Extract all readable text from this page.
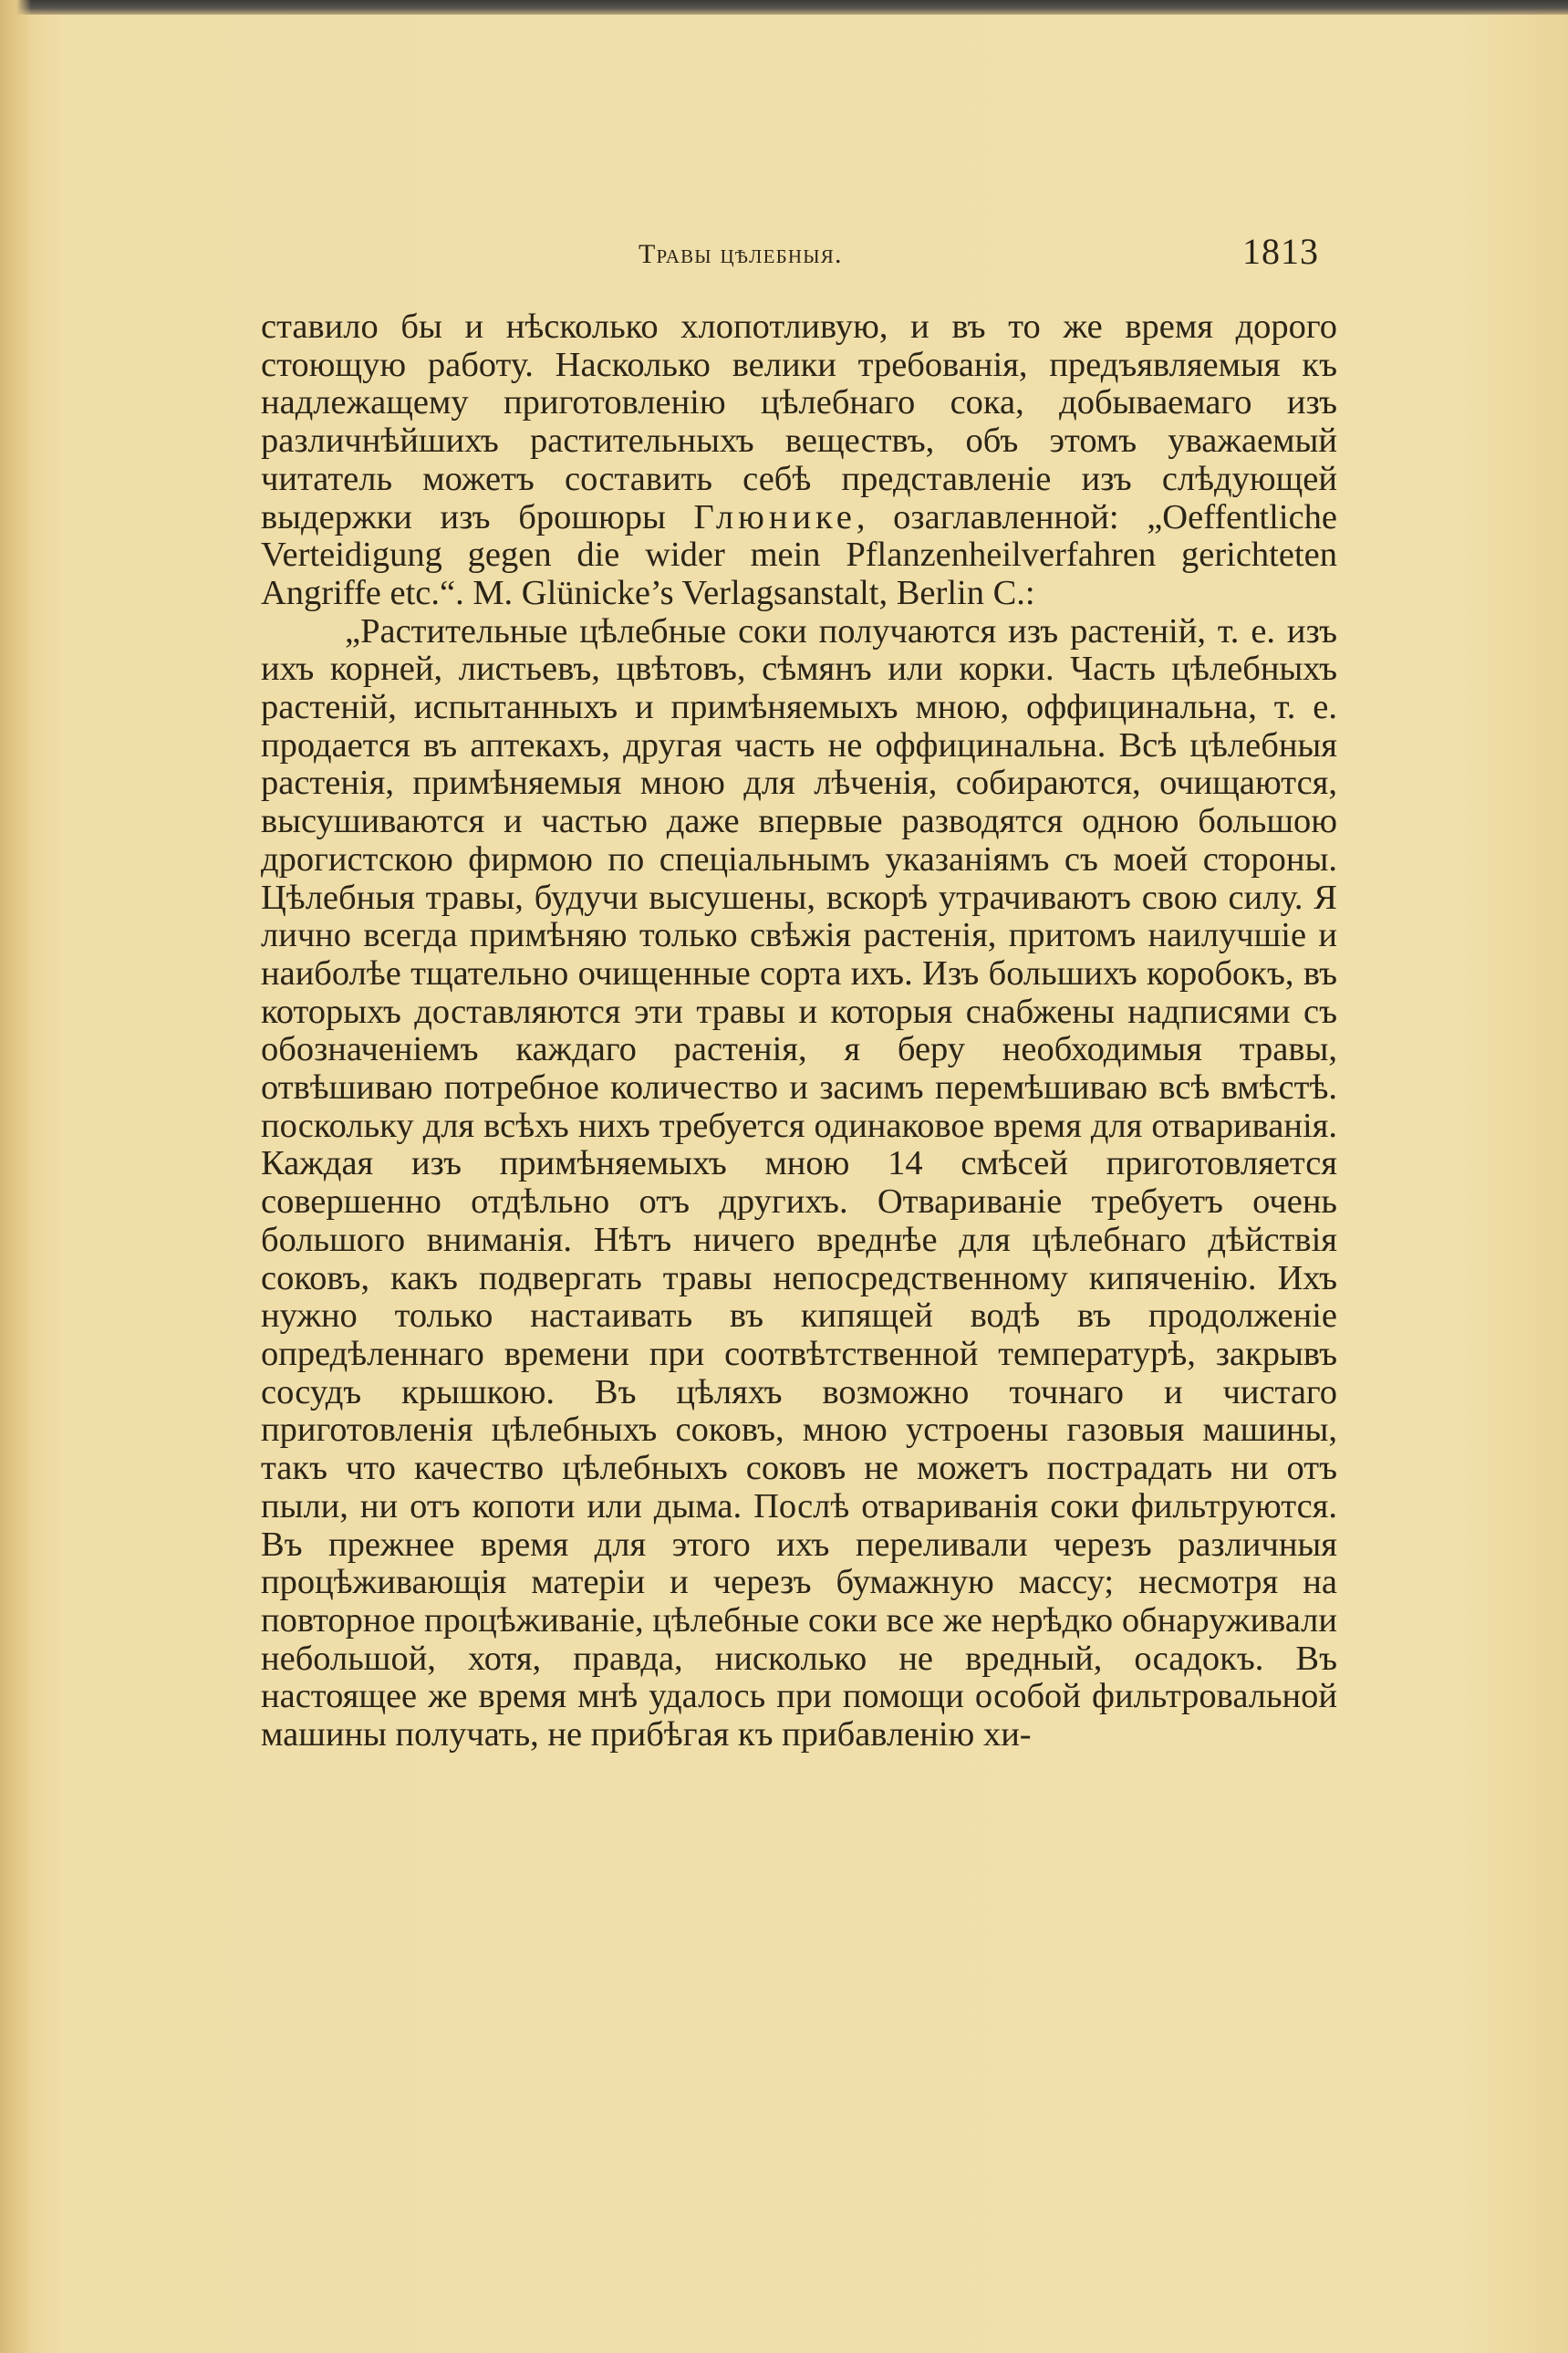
Травы цѣлебныя.	1813

ставило бы и нѣсколько хлопотливую, и въ то же время дорого стоющую работу. Насколько велики требованія, предъявляемыя къ надлежащему приготовленію цѣлебнаго сока, добываемаго изъ различнѣйшихъ растительныхъ веществъ, объ этомъ уважаемый читатель можетъ составить себѣ представленіе изъ слѣдующей выдержки изъ брошюры Глюнике, озаглавленной: „Oeffentliche Verteidigung gegen die wider mein Pflanzenheilverfahren gerichteten Angriffe etc.“. M. Glünicke’s Verlagsanstalt, Berlin C.:

„Растительные цѣлебные соки получаются изъ растеній, т. е. изъ ихъ корней, листьевъ, цвѣтовъ, сѣмянъ или корки. Часть цѣлебныхъ растеній, испытанныхъ и примѣняемыхъ мною, оффицинальна, т. е. продается въ аптекахъ, другая часть не оффицинальна. Всѣ цѣлебныя растенія, примѣняемыя мною для лѣченія, собираются, очищаются, высушиваются и частью даже впервые разводятся одною большою дрогистскою фирмою по спеціальнымъ указаніямъ съ моей стороны. Цѣлебныя травы, будучи высушены, вскорѣ утрачиваютъ свою силу. Я лично всегда примѣняю только свѣжія растенія, притомъ наилучшіе и наиболѣе тщательно очищенные сорта ихъ. Изъ большихъ коробокъ, въ которыхъ доставляются эти травы и которыя снабжены надписями съ обозначеніемъ каждаго растенія, я беру необходимыя травы, отвѣшиваю потребное количество и засимъ перемѣшиваю всѣ вмѣстѣ. поскольку для всѣхъ нихъ требуется одинаковое время для отвариванія. Каждая изъ примѣняемыхъ мною 14 смѣсей приготовляется совершенно отдѣльно отъ другихъ. Отвариваніе требуетъ очень большого вниманія. Нѣтъ ничего вреднѣе для цѣлебнаго дѣйствія соковъ, какъ подвергать травы непосредственному кипяченію. Ихъ нужно только настаивать въ кипящей водѣ въ продолженіе опредѣленнаго времени при соотвѣтственной температурѣ, закрывъ сосудъ крышкою. Въ цѣляхъ возможно точнаго и чистаго приготовленія цѣлебныхъ соковъ, мною устроены газовыя машины, такъ что качество цѣлебныхъ соковъ не можетъ пострадать ни отъ пыли, ни отъ копоти или дыма. Послѣ отвариванія соки фильтруются. Въ прежнее время для этого ихъ переливали черезъ различныя процѣживающія матеріи и черезъ бумажную массу; несмотря на повторное процѣживаніе, цѣлебные соки все же нерѣдко обнаруживали небольшой, хотя, правда, нисколько не вредный, осадокъ. Въ настоящее же время мнѣ удалось при помощи особой фильтровальной машины получать, не прибѣгая къ прибавленію хи-
